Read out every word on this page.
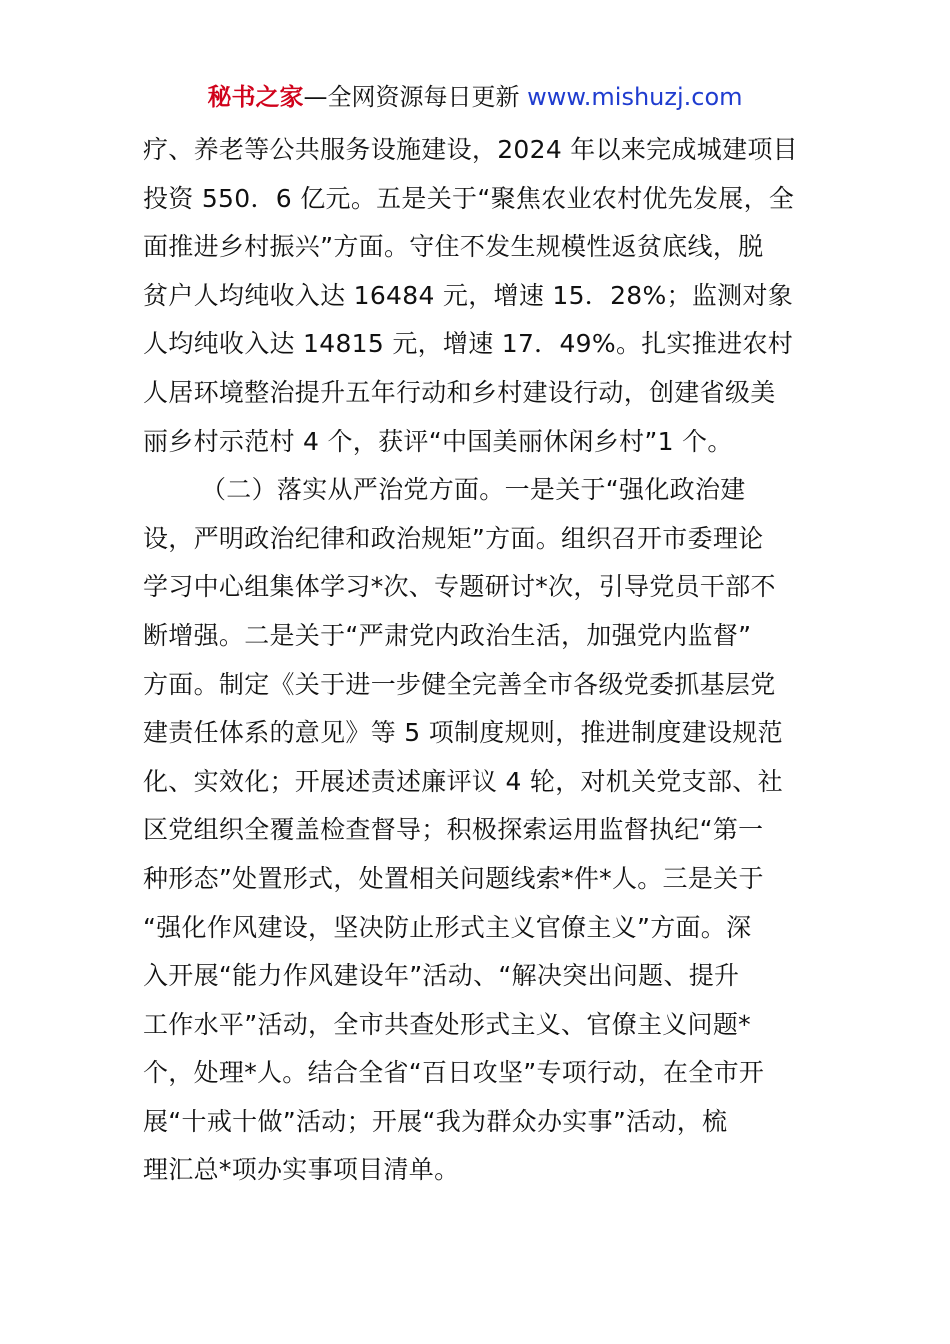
秘书之家—全网资源每日更新 www.mishuzj.com
疗、养老等公共服务设施建设，2024 年以来完成城建项目
投资 550．6 亿元。五是关于“聚焦农业农村优先发展，全
面推进乡村振兴”方面。守住不发生规模性返贫底线，脱
贫户人均纯收入达 16484 元，增速 15．28%；监测对象
人均纯收入达 14815 元，增速 17．49%。扎实推进农村
人居环境整治提升五年行动和乡村建设行动，创建省级美
丽乡村示范村 4 个，获评“中国美丽休闲乡村”1 个。
（二）落实从严治党方面。一是关于“强化政治建
设，严明政治纪律和政治规矩”方面。组织召开市委理论
学习中心组集体学习*次、专题研讨*次，引导党员干部不
断增强。二是关于“严肃党内政治生活，加强党内监督”
方面。制定《关于进一步健全完善全市各级党委抓基层党
建责任体系的意见》等 5 项制度规则，推进制度建设规范
化、实效化；开展述责述廉评议 4 轮，对机关党支部、社
区党组织全覆盖检查督导；积极探索运用监督执纪“第一
种形态”处置形式，处置相关问题线索*件*人。三是关于
“强化作风建设，坚决防止形式主义官僚主义”方面。深
入开展“能力作风建设年”活动、“解决突出问题、提升
工作水平”活动，全市共查处形式主义、官僚主义问题*
个，处理*人。结合全省“百日攻坚”专项行动，在全市开
展“十戒十做”活动；开展“我为群众办实事”活动，梳
理汇总*项办实事项目清单。
